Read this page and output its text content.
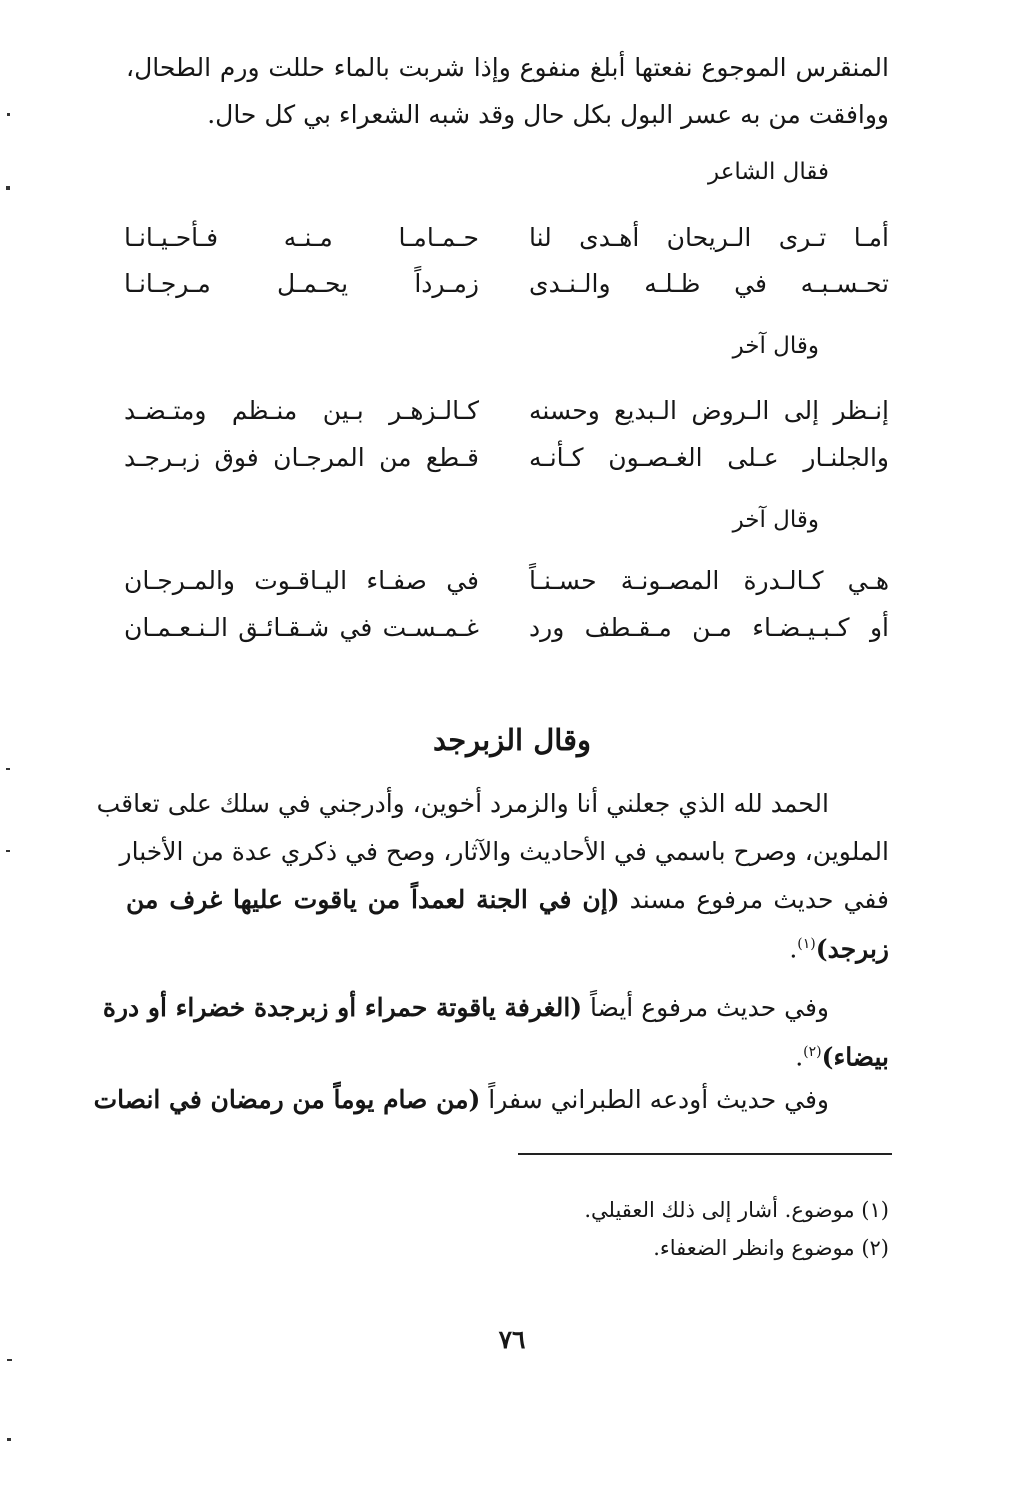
المنقرس الموجوع نفعتها أبلغ منفوع وإذا شربت بالماء حللت ورم الطحال،
ووافقت من به عسر البول بكل حال وقد شبه الشعراء بي كل حال.
فقال الشاعر
أمـا تـرى الـريحان أهـدى لنا
حـمـامـا مـنـه فـأحـيـانـا
تحـسـبـه في ظـلـه والـنـدى
زمـرداً يحـمـل مـرجـانـا
وقال آخر
إنـظر إلى الـروض الـبديع وحسنه
كـالـزهـر بـين منـظم ومتـضـد
والجلنـار عـلى الغـصـون كـأنـه
قـطع من المرجـان فوق زبـرجـد
وقال آخر
هـي كـالـدرة المصـونـة حسـنـاً
في صفـاء اليـاقـوت والمـرجـان
أو كـبـيـضـاء مـن مـقـطف ورد
غـمـسـت في شـقـائـق الـنـعـمـان
وقال الزبرجد
الحمد لله الذي جعلني أنا والزمرد أخوين، وأدرجني في سلك على تعاقب
الملوين، وصرح باسمي في الأحاديث والآثار، وصح في ذكري عدة من الأخبار
ففي حديث مرفوع مسند (إن في الجنة لعمداً من ياقوت عليها غرف من
زبرجد)$^{(١)}$.
وفي حديث مرفوع أيضاً (الغرفة ياقوتة حمراء أو زبرجدة خضراء أو درة
بيضاء)$^{(٢)}$.
وفي حديث أودعه الطبراني سفراً (من صام يوماً من رمضان في انصات
(١) موضوع. أشار إلى ذلك العقيلي.
(٢) موضوع وانظر الضعفاء.
٧٦
